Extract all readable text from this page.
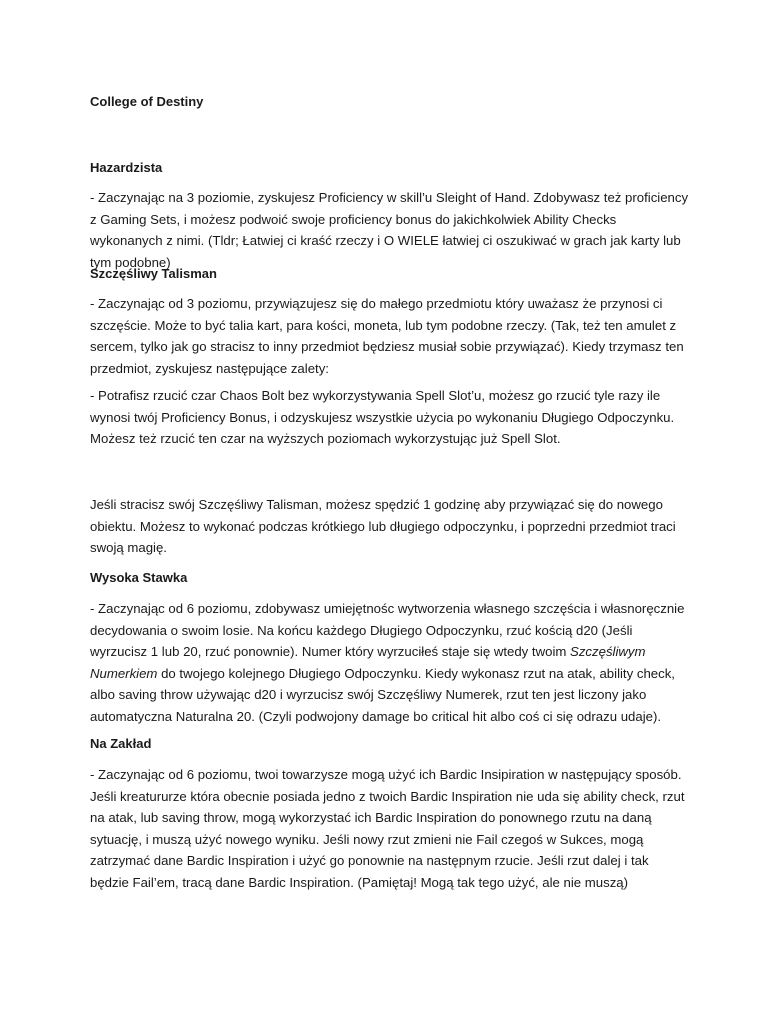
College of Destiny
Hazardzista

- Zaczynając na 3 poziomie, zyskujesz Proficiency w skill’u Sleight of Hand. Zdobywasz też proficiency z Gaming Sets, i możesz podwoić swoje proficiency bonus do jakichkolwiek Ability Checks wykonanych z nimi. (Tldr; Łatwiej ci kraść rzeczy i O WIELE łatwiej ci oszukiwać w grach jak karty lub tym podobne)

Szczęśliwy Talisman

- Zaczynając od 3 poziomu, przywiązujesz się do małego przedmiotu który uważasz że przynosi ci szczęście. Może to być talia kart, para kości, moneta, lub tym podobne rzeczy. (Tak, też ten amulet z sercem, tylko jak go stracisz to inny przedmiot będziesz musiał sobie przywiązać). Kiedy trzymasz ten przedmiot, zyskujesz następujące zalety:

- Potrafisz rzucić czar Chaos Bolt bez wykorzystywania Spell Slot’u, możesz go rzucić tyle razy ile wynosi twój Proficiency Bonus, i odzyskujesz wszystkie użycia po wykonaniu Długiego Odpoczynku. Możesz też rzucić ten czar na wyższych poziomach wykorzystując już Spell Slot.

Jeśli stracisz swój Szczęśliwy Talisman, możesz spędzić 1 godzinę aby przywiązać się do nowego obiektu. Możesz to wykonać podczas krótkiego lub długiego odpoczynku, i poprzedni przedmiot traci swoją magię.

Wysoka Stawka

- Zaczynając od 6 poziomu, zdobywasz umiejętnośc wytworzenia własnego szczęścia i własnoręcznie decydowania o swoim losie. Na końcu każdego Długiego Odpoczynku, rzuć kością d20 (Jeśli wyrzucisz 1 lub 20, rzuć ponownie). Numer który wyrzuciłeś staje się wtedy twoim Szczęśliwym Numerkiem do twojego kolejnego Długiego Odpoczynku. Kiedy wykonasz rzut na atak, ability check, albo saving throw używając d20 i wyrzucisz swój Szczęśliwy Numerek, rzut ten jest liczony jako automatyczna Naturalna 20. (Czyli podwojony damage bo critical hit albo coś ci się odrazu udaje).

Na Zakład

- Zaczynając od 6 poziomu, twoi towarzysze mogą użyć ich Bardic Insipiration w następujący sposób. Jeśli kreatururze która obecnie posiada jedno z twoich Bardic Inspiration nie uda się ability check, rzut na atak, lub saving throw, mogą wykorzystać ich Bardic Inspiration do ponownego rzutu na daną sytuację, i muszą użyć nowego wyniku. Jeśli nowy rzut zmieni nie Fail czegoś w Sukces, mogą zatrzymać dane Bardic Inspiration i użyć go ponownie na następnym rzucie. Jeśli rzut dalej i tak będzie Fail’em, tracą dane Bardic Inspiration. (Pamiętaj! Mogą tak tego użyć, ale nie muszą)
